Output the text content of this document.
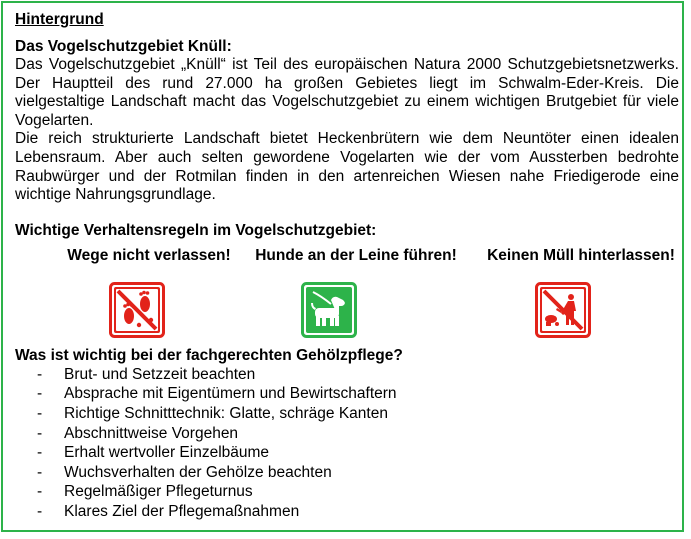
Hintergrund
Das Vogelschutzgebiet Knüll:

Das Vogelschutzgebiet „Knüll“ ist Teil des europäischen Natura 2000 Schutzgebietsnetzwerks. Der Hauptteil des rund 27.000 ha großen Gebietes liegt im Schwalm-Eder-Kreis. Die vielgestaltige Landschaft macht das Vogelschutzgebiet zu einem wichtigen Brutgebiet für viele Vogelarten.

Die reich strukturierte Landschaft bietet Heckenbrütern wie dem Neuntöter einen idealen Lebensraum. Aber auch selten gewordene Vogelarten wie der vom Aussterben bedrohte Raubwürger und der Rotmilan finden in den artenreichen Wiesen nahe Friedigerode eine wichtige Nahrungsgrundlage.

Wichtige Verhaltensregeln im Vogelschutzgebiet:
Wege nicht verlassen!	Hunde an der Leine führen!	Keinen Müll hinterlassen!
Was ist wichtig bei der fachgerechten Gehölzpflege?
- Brut- und Setzzeit beachten
- Absprache mit Eigentümern und Bewirtschaftern
- Richtige Schnitttechnik: Glatte, schräge Kanten
- Abschnittweise Vorgehen
- Erhalt wertvoller Einzelbäume
- Wuchsverhalten der Gehölze beachten
- Regelmäßiger Pflegeturnus
- Klares Ziel der Pflegemaßnahmen
